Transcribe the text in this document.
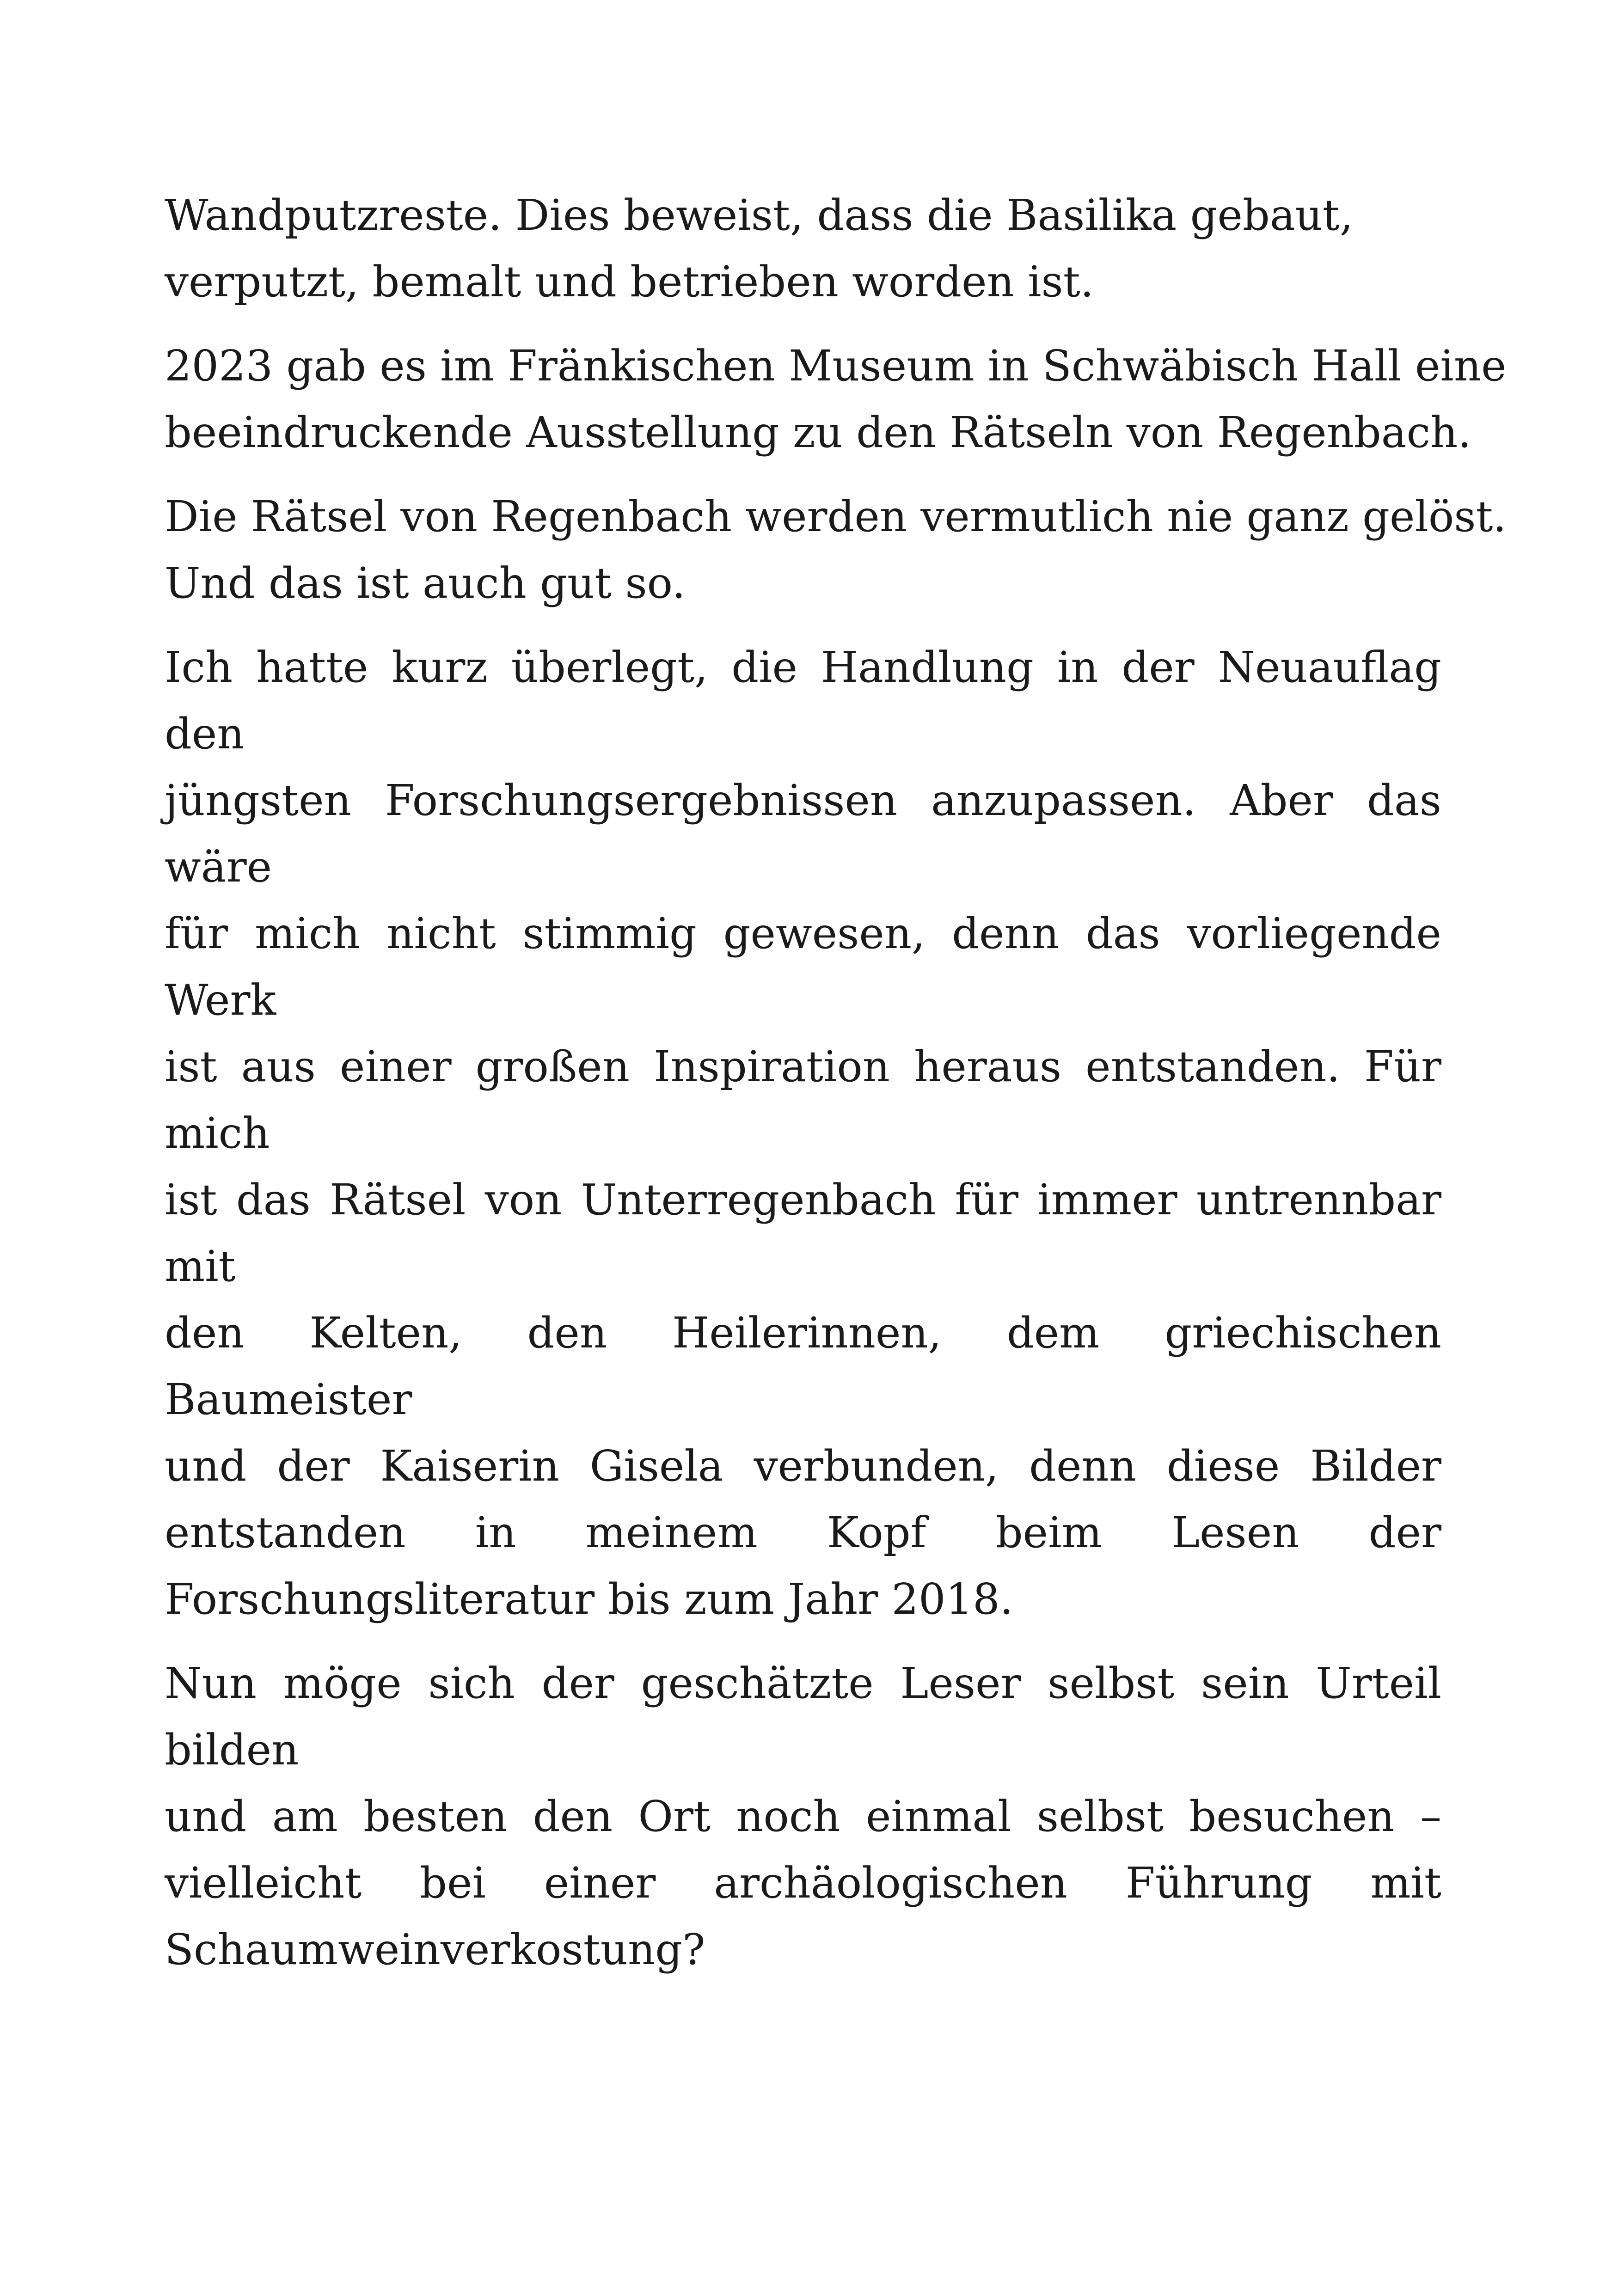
Wandputzreste. Dies beweist, dass die Basilika gebaut,
verputzt, bemalt und betrieben worden ist.

2023 gab es im Fränkischen Museum in Schwäbisch Hall eine
beeindruckende Ausstellung zu den Rätseln von Regenbach.

Die Rätsel von Regenbach werden vermutlich nie ganz gelöst.
Und das ist auch gut so.

Ich hatte kurz überlegt, die Handlung in der Neuauflag den
jüngsten Forschungsergebnissen anzupassen. Aber das wäre
für mich nicht stimmig gewesen, denn das vorliegende Werk
ist aus einer großen Inspiration heraus entstanden. Für mich
ist das Rätsel von Unterregenbach für immer untrennbar mit
den Kelten, den Heilerinnen, dem griechischen Baumeister
und der Kaiserin Gisela verbunden, denn diese Bilder
entstanden in meinem Kopf beim Lesen der
Forschungsliteratur bis zum Jahr 2018.

Nun möge sich der geschätzte Leser selbst sein Urteil bilden
und am besten den Ort noch einmal selbst besuchen –
vielleicht bei einer archäologischen Führung mit
Schaumweinverkostung?
